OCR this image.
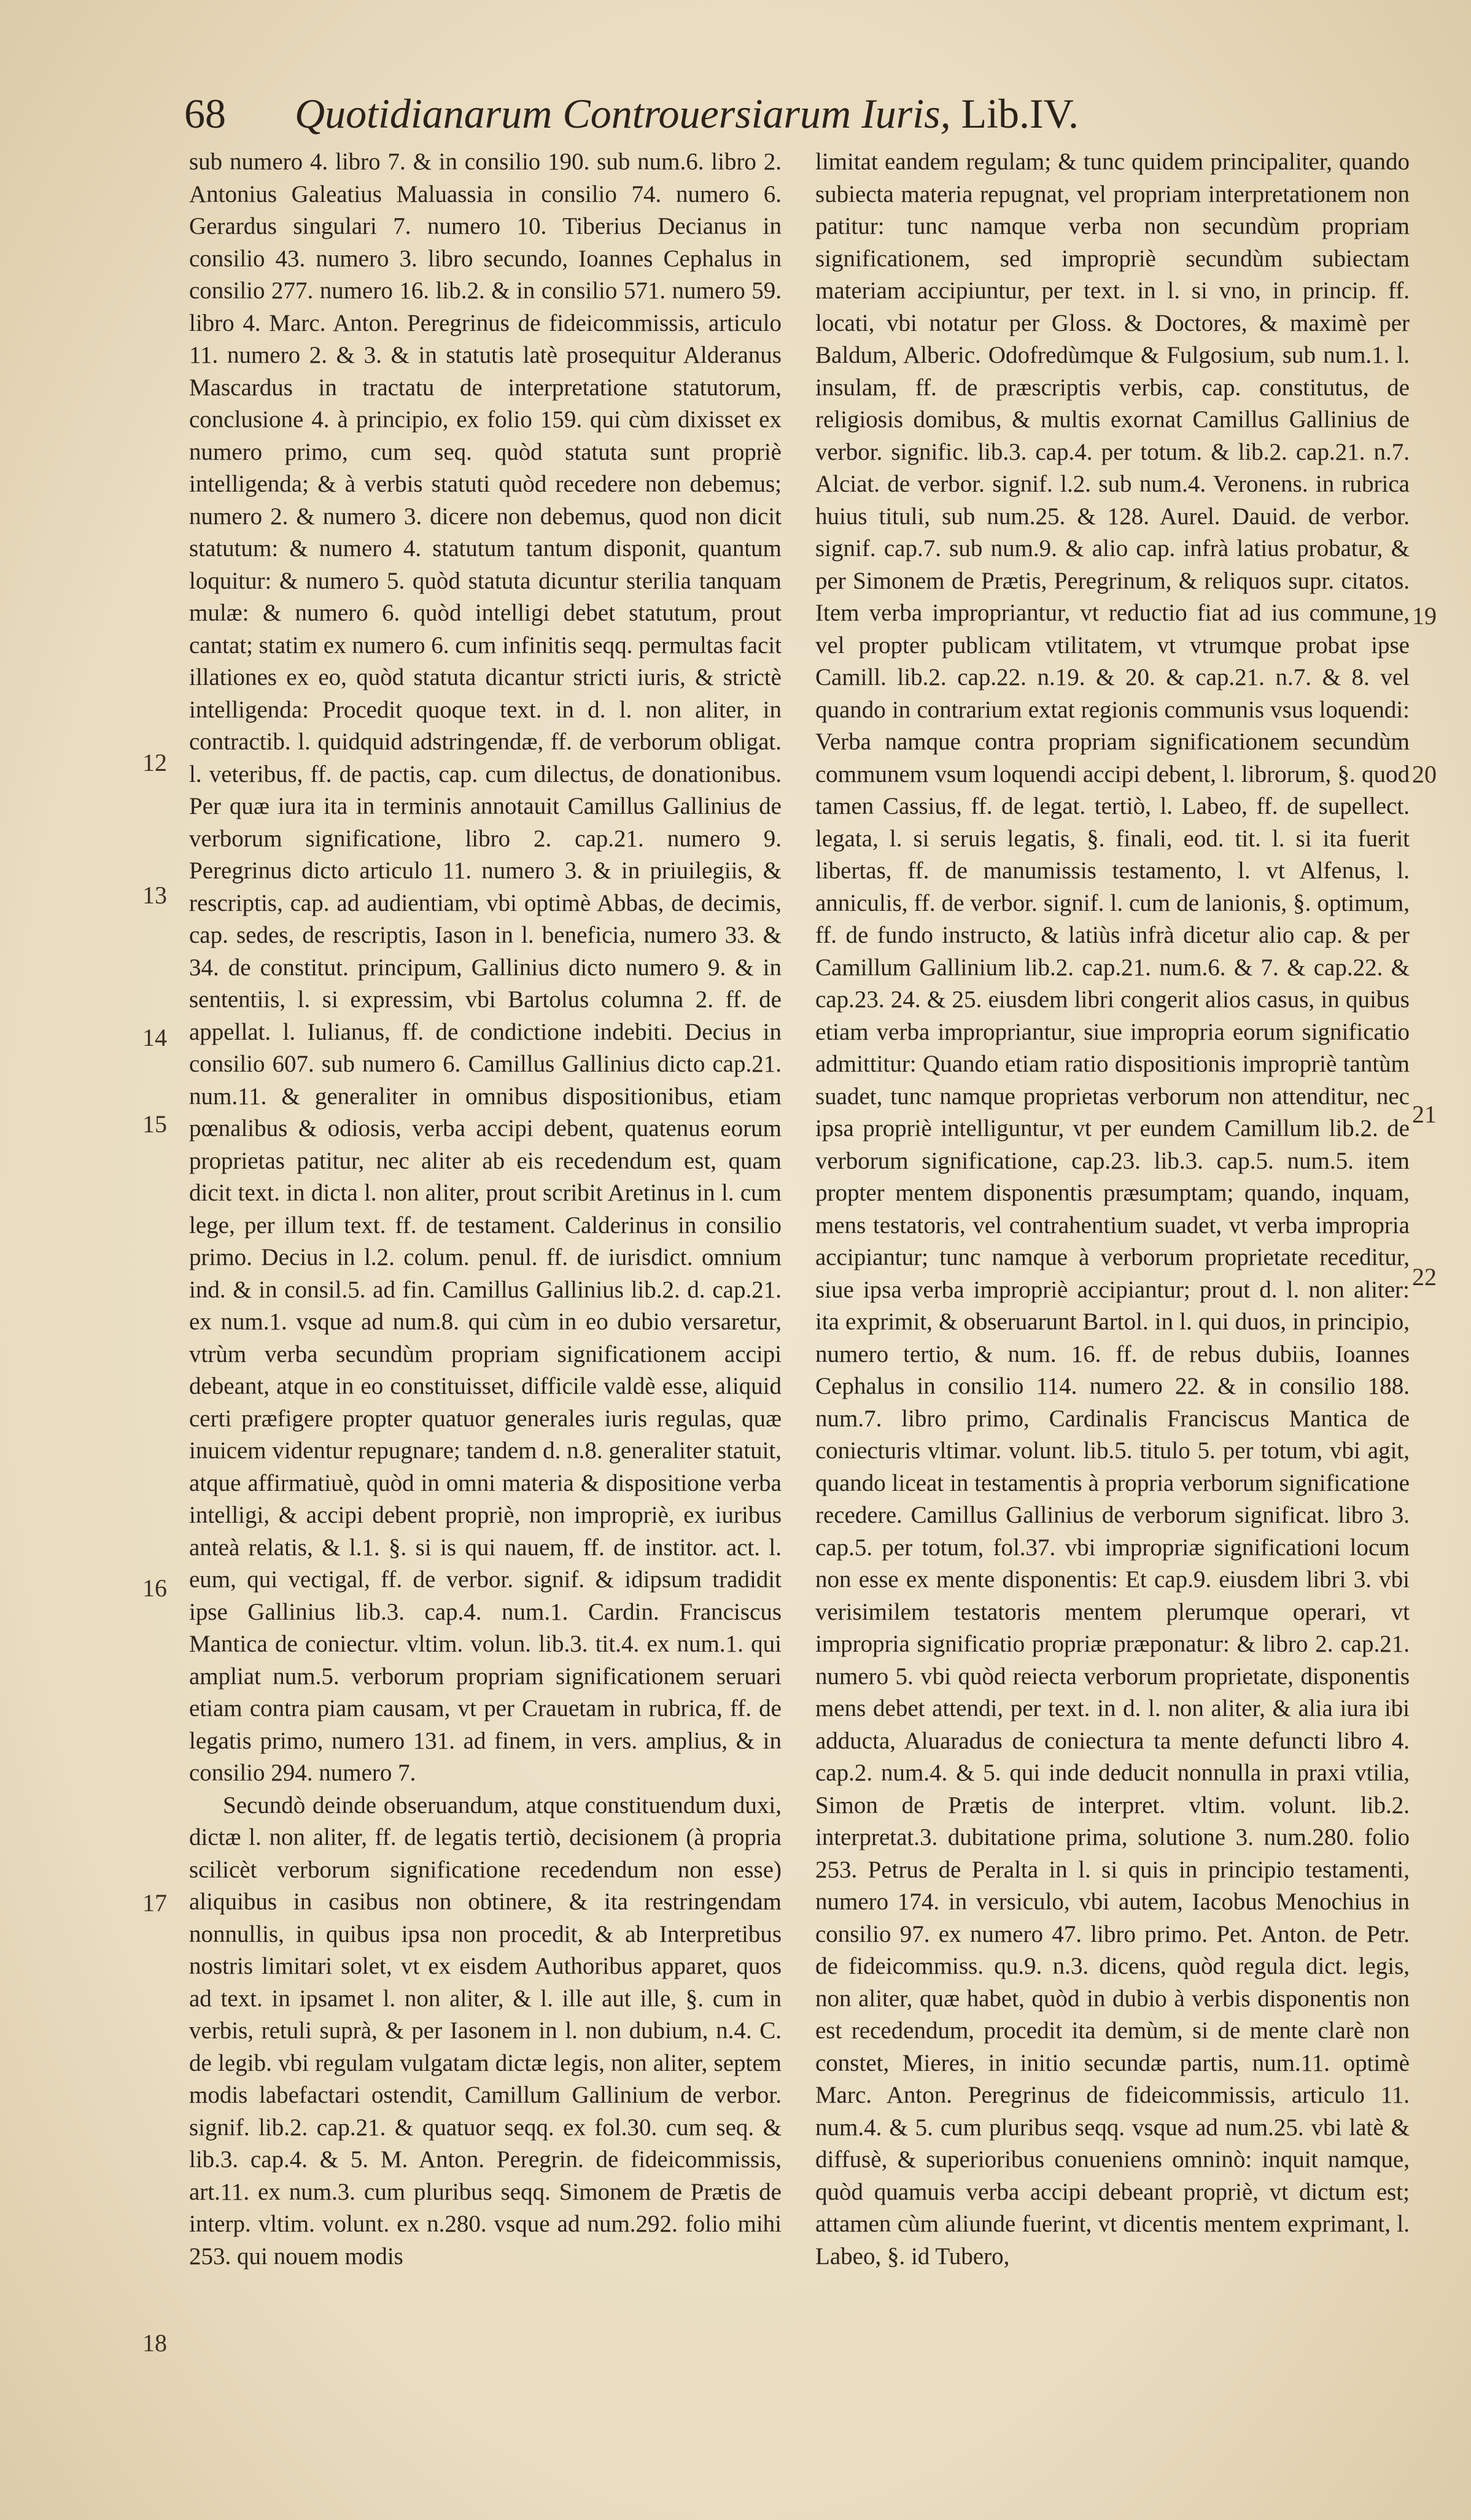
68 Quotidianarum Controuersiarum Iuris, Lib.IV.

sub numero 4. libro 7. & in consilio 190. sub num.6. libro 2. Antonius Galeatius Maluassia in consilio 74. numero 6. Gerardus singulari 7. numero 10. Tiberius Decianus in consilio 43. numero 3. libro secundo, Ioannes Cephalus in consilio 277. numero 16. lib.2. & in consilio 571. numero 59. libro 4. Marc. Anton. Peregrinus de fideicommissis, articulo 11. numero 2. & 3. & in statutis latè prosequitur Alderanus Mascardus in tractatu de interpretatione statutorum, conclusione 4. à principio, ex folio 159. qui cùm dixisset ex numero primo, cum seq. quòd statuta sunt propriè intelligenda; & à verbis statuti quòd recedere non debemus; numero 2. & numero 3. dicere non debemus, quod non dicit statutum: & numero 4. statutum tantum disponit, quantum loquitur: & numero 5. quòd statuta dicuntur sterilia tanquam mulæ: & numero 6. quòd intelligi debet statutum, prout cantat; statim ex numero 6. cum infinitis seqq. permultas facit illationes ex eo, quòd statuta dicantur stricti iuris, & strictè intelligenda: Procedit quoque text. in d. l. non aliter, in contractib. l. quidquid adstringendæ, ff. de verborum obligat. l. veteribus, ff. de pactis, cap. cum dilectus, de donationibus. Per quæ iura ita in terminis annotauit Camillus Gallinius de verborum significatione, libro 2. cap.21. numero 9. Peregrinus dicto articulo 11. numero 3. & in priuilegiis, & rescriptis, cap. ad audientiam, vbi optimè Abbas, de decimis, cap. sedes, de rescriptis, Iason in l. beneficia, numero 33. & 34. de constitut. principum, Gallinius dicto numero 9. & in sententiis, l. si expressim, vbi Bartolus columna 2. ff. de appellat. l. Iulianus, ff. de condictione indebiti. Decius in consilio 607. sub numero 6. Camillus Gallinius dicto cap.21. num.11. & generaliter in omnibus dispositionibus, etiam pœnalibus & odiosis, verba accipi debent, quatenus eorum proprietas patitur, nec aliter ab eis recedendum est, quam dicit text. in dicta l. non aliter, prout scribit Aretinus in l. cum lege, per illum text. ff. de testament. Calderinus in consilio primo. Decius in l.2. colum. penul. ff. de iurisdict. omnium ind. & in consil.5. ad fin. Camillus Gallinius lib.2. d. cap.21. ex num.1. vsque ad num.8. qui cùm in eo dubio versaretur, vtrùm verba secundùm propriam significationem accipi debeant, atque in eo constituisset, difficile valdè esse, aliquid certi præfigere propter quatuor generales iuris regulas, quæ inuicem videntur repugnare; tandem d. n.8. generaliter statuit, atque affirmatiuè, quòd in omni materia & dispositione verba intelligi, & accipi debent propriè, non impropriè, ex iuribus anteà relatis, & l.1. §. si is qui nauem, ff. de institor. act. l. eum, qui vectigal, ff. de verbor. signif. & idipsum tradidit ipse Gallinius lib.3. cap.4. num.1. Cardin. Franciscus Mantica de coniectur. vltim. volun. lib.3. tit.4. ex num.1. qui ampliat num.5. verborum propriam significationem seruari etiam contra piam causam, vt per Crauetam in rubrica, ff. de legatis primo, numero 131. ad finem, in vers. amplius, & in consilio 294. numero 7.

Secundò deinde obseruandum, atque constituendum duxi, dictæ l. non aliter, ff. de legatis tertiò, decisionem (à propria scilicèt verborum significatione recedendum non esse) aliquibus in casibus non obtinere, & ita restringendam nonnullis, in quibus ipsa non procedit, & ab Interpretibus nostris limitari solet, vt ex eisdem Authoribus apparet, quos ad text. in ipsamet l. non aliter, & l. ille aut ille, §. cum in verbis, retuli suprà, & per Iasonem in l. non dubium, n.4. C. de legib. vbi regulam vulgatam dictæ legis, non aliter, septem modis labefactari ostendit, Camillum Gallinium de verbor. signif. lib.2. cap.21. & quatuor seqq. ex fol.30. cum seq. & lib.3. cap.4. & 5. M. Anton. Peregrin. de fideicommissis, art.11. ex num.3. cum pluribus seqq. Simonem de Prætis de interp. vltim. volunt. ex n.280. vsque ad num.292. folio mihi 253. qui nouem modis

limitat eandem regulam; & tunc quidem principaliter, quando subiecta materia repugnat, vel propriam interpretationem non patitur: tunc namque verba non secundùm propriam significationem, sed impropriè secundùm subiectam materiam accipiuntur, per text. in l. si vno, in princip. ff. locati, vbi notatur per Gloss. & Doctores, & maximè per Baldum, Alberic. Odofredùmque & Fulgosium, sub num.1. l. insulam, ff. de præscriptis verbis, cap. constitutus, de religiosis domibus, & multis exornat Camillus Gallinius de verbor. signific. lib.3. cap.4. per totum. & lib.2. cap.21. n.7. Alciat. de verbor. signif. l.2. sub num.4. Veronens. in rubrica huius tituli, sub num.25. & 128. Aurel. Dauid. de verbor. signif. cap.7. sub num.9. & alio cap. infrà latius probatur, & per Simonem de Prætis, Peregrinum, & reliquos supr. citatos. Item verba impropriantur, vt reductio fiat ad ius commune, vel propter publicam vtilitatem, vt vtrumque probat ipse Camill. lib.2. cap.22. n.19. & 20. & cap.21. n.7. & 8. vel quando in contrarium extat regionis communis vsus loquendi: Verba namque contra propriam significationem secundùm communem vsum loquendi accipi debent, l. librorum, §. quod tamen Cassius, ff. de legat. tertiò, l. Labeo, ff. de supellect. legata, l. si seruis legatis, §. finali, eod. tit. l. si ita fuerit libertas, ff. de manumissis testamento, l. vt Alfenus, l. anniculis, ff. de verbor. signif. l. cum de lanionis, §. optimum, ff. de fundo instructo, & latiùs infrà dicetur alio cap. & per Camillum Gallinium lib.2. cap.21. num.6. & 7. & cap.22. & cap.23. 24. & 25. eiusdem libri congerit alios casus, in quibus etiam verba impropriantur, siue impropria eorum significatio admittitur: Quando etiam ratio dispositionis impropriè tantùm suadet, tunc namque proprietas verborum non attenditur, nec ipsa propriè intelliguntur, vt per eundem Camillum lib.2. de verborum significatione, cap.23. lib.3. cap.5. num.5. item propter mentem disponentis præsumptam; quando, inquam, mens testatoris, vel contrahentium suadet, vt verba impropria accipiantur; tunc namque à verborum proprietate receditur, siue ipsa verba impropriè accipiantur; prout d. l. non aliter: ita exprimit, & obseruarunt Bartol. in l. qui duos, in principio, numero tertio, & num. 16. ff. de rebus dubiis, Ioannes Cephalus in consilio 114. numero 22. & in consilio 188. num.7. libro primo, Cardinalis Franciscus Mantica de coniecturis vltimar. volunt. lib.5. titulo 5. per totum, vbi agit, quando liceat in testamentis à propria verborum significatione recedere. Camillus Gallinius de verborum significat. libro 3. cap.5. per totum, fol.37. vbi impropriæ significationi locum non esse ex mente disponentis: Et cap.9. eiusdem libri 3. vbi verisimilem testatoris mentem plerumque operari, vt impropria significatio propriæ præponatur: & libro 2. cap.21. numero 5. vbi quòd reiecta verborum proprietate, disponentis mens debet attendi, per text. in d. l. non aliter, & alia iura ibi adducta, Aluaradus de coniectura ta mente defuncti libro 4. cap.2. num.4. & 5. qui inde deducit nonnulla in praxi vtilia, Simon de Prætis de interpret. vltim. volunt. lib.2. interpretat.3. dubitatione prima, solutione 3. num.280. folio 253. Petrus de Peralta in l. si quis in principio testamenti, numero 174. in versiculo, vbi autem, Iacobus Menochius in consilio 97. ex numero 47. libro primo. Pet. Anton. de Petr. de fideicommiss. qu.9. n.3. dicens, quòd regula dict. legis, non aliter, quæ habet, quòd in dubio à verbis disponentis non est recedendum, procedit ita demùm, si de mente clarè non constet, Mieres, in initio secundæ partis, num.11. optimè Marc. Anton. Peregrinus de fideicommissis, articulo 11. num.4. & 5. cum pluribus seqq. vsque ad num.25. vbi latè & diffusè, & superioribus conueniens omninò: inquit namque, quòd quamuis verba accipi debeant propriè, vt dictum est; attamen cùm aliunde fuerint, vt dicentis mentem exprimant, l. Labeo, §. id Tubero,

12
13
14
15
16
17
18
19
20
21
22
